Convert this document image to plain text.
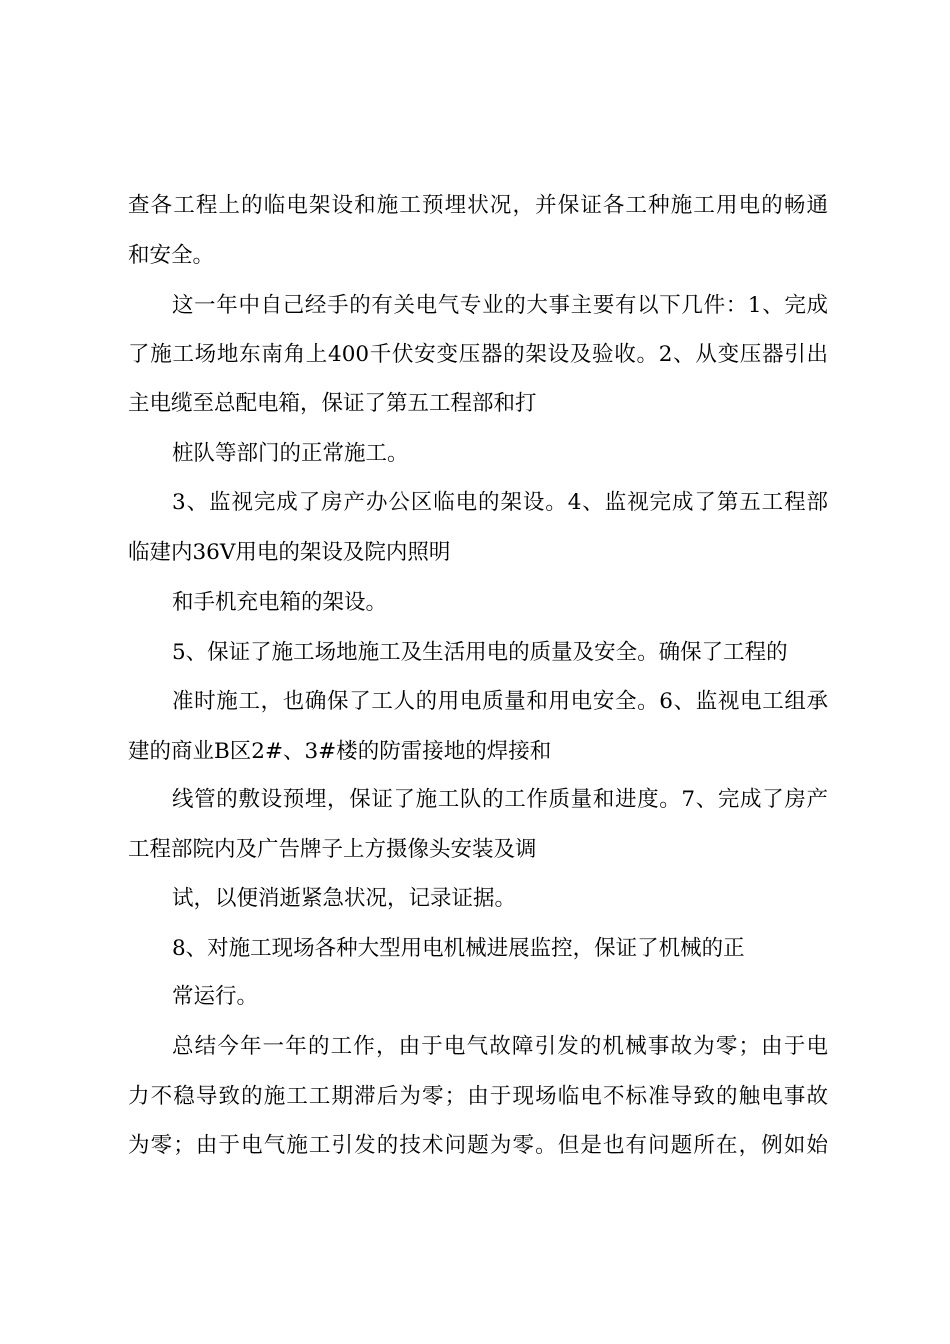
查各工程上的临电架设和施工预埋状况，并保证各工种施工用电的畅通
和安全。
这一年中自己经手的有关电气专业的大事主要有以下几件：1、完成
了施工场地东南角上400千伏安变压器的架设及验收。2、从变压器引出
主电缆至总配电箱，保证了第五工程部和打
桩队等部门的正常施工。
3、监视完成了房产办公区临电的架设。4、监视完成了第五工程部
临建内36V用电的架设及院内照明
和手机充电箱的架设。
5、保证了施工场地施工及生活用电的质量及安全。确保了工程的
准时施工，也确保了工人的用电质量和用电安全。6、监视电工组承
建的商业B区2#、3#楼的防雷接地的焊接和
线管的敷设预埋，保证了施工队的工作质量和进度。7、完成了房产
工程部院内及广告牌子上方摄像头安装及调
试，以便消逝紧急状况，记录证据。
8、对施工现场各种大型用电机械进展监控，保证了机械的正
常运行。
总结今年一年的工作，由于电气故障引发的机械事故为零；由于电
力不稳导致的施工工期滞后为零；由于现场临电不标准导致的触电事故
为零；由于电气施工引发的技术问题为零。但是也有问题所在，例如始
